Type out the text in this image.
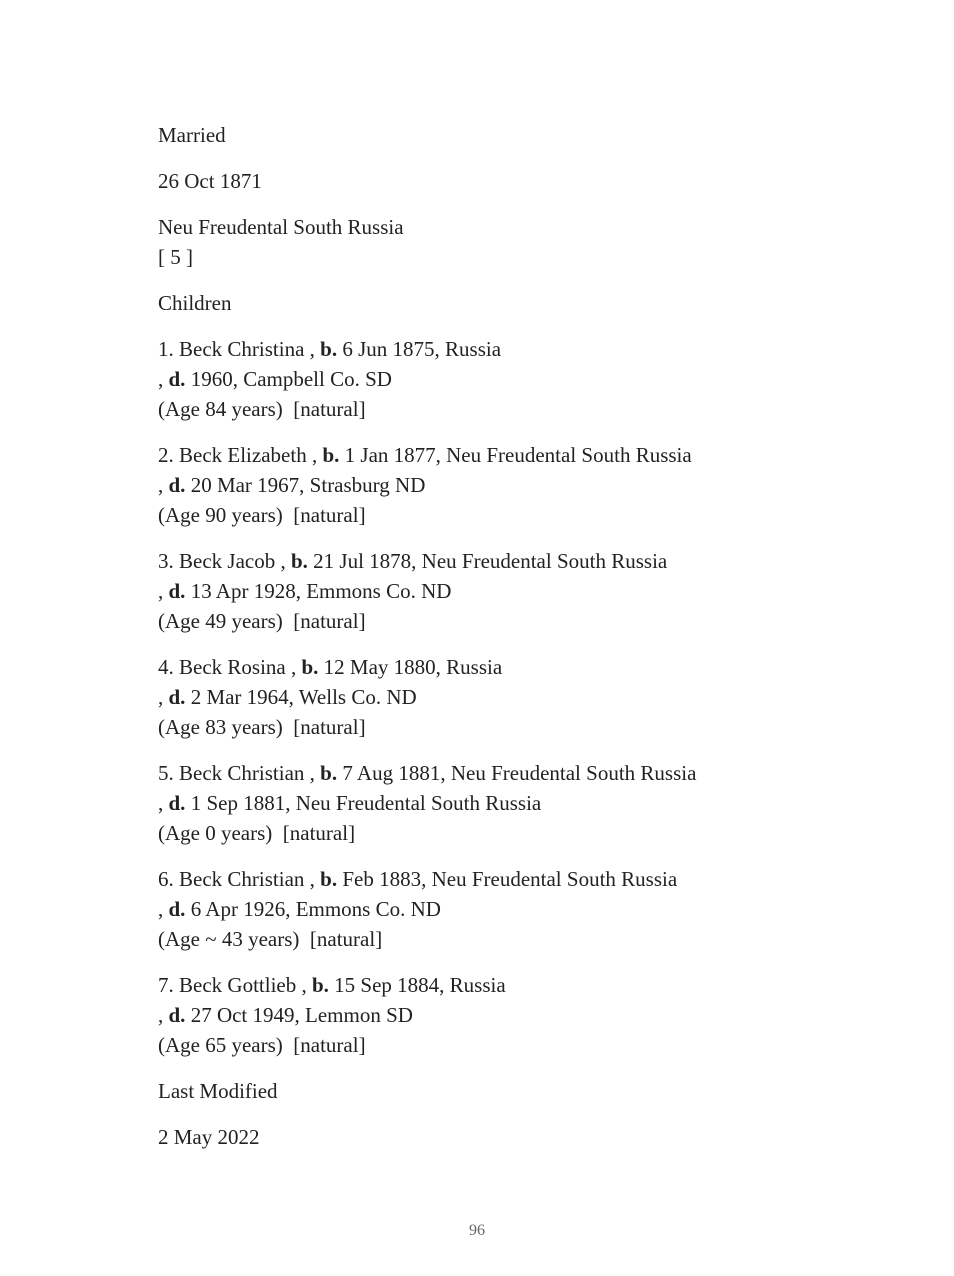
Married
26 Oct 1871
Neu Freudental South Russia
[ 5 ]
Children
1. Beck Christina , b. 6 Jun 1875, Russia
, d. 1960, Campbell Co. SD
(Age 84 years) [natural]
2. Beck Elizabeth , b. 1 Jan 1877, Neu Freudental South Russia
, d. 20 Mar 1967, Strasburg ND
(Age 90 years) [natural]
3. Beck Jacob , b. 21 Jul 1878, Neu Freudental South Russia
, d. 13 Apr 1928, Emmons Co. ND
(Age 49 years) [natural]
4. Beck Rosina , b. 12 May 1880, Russia
, d. 2 Mar 1964, Wells Co. ND
(Age 83 years) [natural]
5. Beck Christian , b. 7 Aug 1881, Neu Freudental South Russia
, d. 1 Sep 1881, Neu Freudental South Russia
(Age 0 years) [natural]
6. Beck Christian , b. Feb 1883, Neu Freudental South Russia
, d. 6 Apr 1926, Emmons Co. ND
(Age ~ 43 years) [natural]
7. Beck Gottlieb , b. 15 Sep 1884, Russia
, d. 27 Oct 1949, Lemmon SD
(Age 65 years) [natural]
Last Modified
2 May 2022
96
